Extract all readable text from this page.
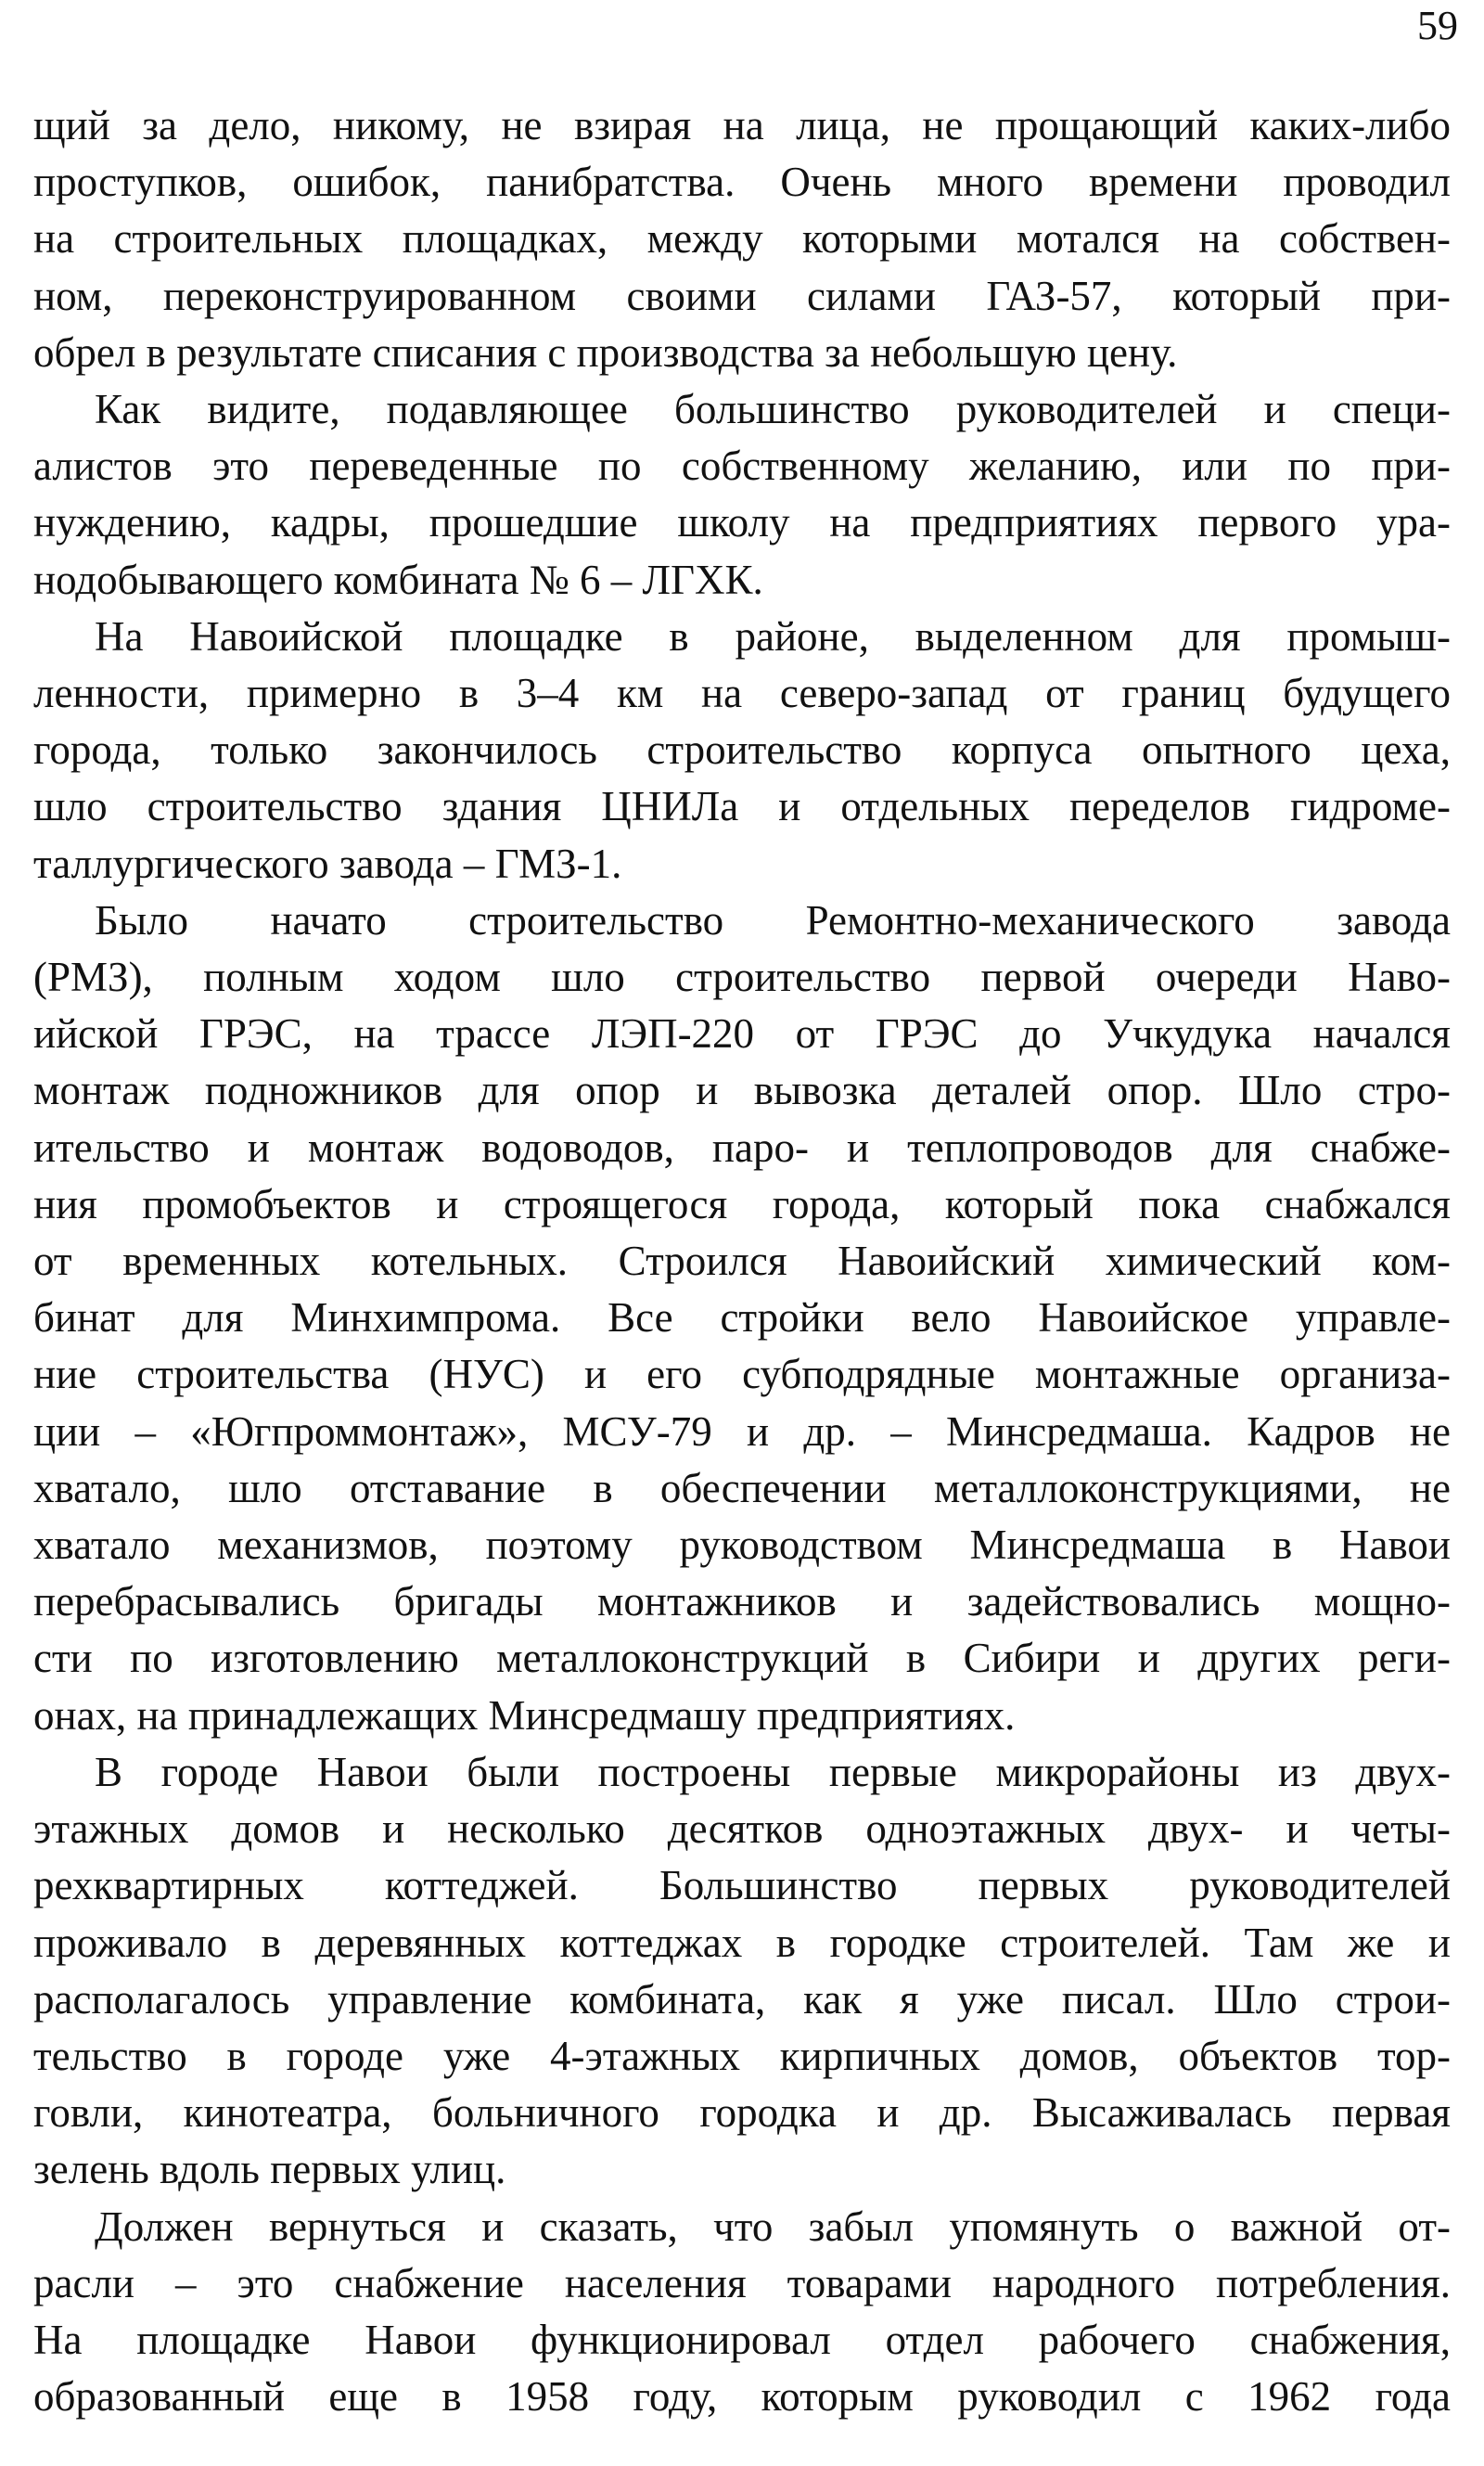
59
щий за дело, никому, не взирая на лица, не прощающий каких-либо
проступков, ошибок, панибратства. Очень много времени проводил
на строительных площадках, между которыми мотался на собствен-
ном, переконструированном своими силами ГАЗ-57, который при-
обрел в результате списания с производства за небольшую цену.
Как видите, подавляющее большинство руководителей и специ-
алистов это переведенные по собственному желанию, или по при-
нуждению, кадры, прошедшие школу на предприятиях первого ура-
нодобывающего комбината № 6 – ЛГХК.
На Навоийской площадке в районе, выделенном для промыш-
ленности, примерно в 3–4 км на северо-запад от границ будущего
города, только закончилось строительство корпуса опытного цеха,
шло строительство здания ЦНИЛа и отдельных переделов гидроме-
таллургического завода – ГМЗ-1.
Было начато строительство Ремонтно-механического завода
(РМЗ), полным ходом шло строительство первой очереди Нaво-
ийской ГРЭС, на трассе ЛЭП-220 от ГРЭС до Учкудука начался
монтаж подножников для опор и вывозка деталей опор. Шло стро-
ительство и монтаж водоводов, паро- и теплопроводов для снабже-
ния промобъектов и строящегося города, который пока снабжался
от временных котельных. Строился Навоийский химический ком-
бинат для Минхимпрома. Все стройки вело Навоийское управле-
ние строительства (НУС) и его субподрядные монтажные организа-
ции – «Югпроммонтаж», МСУ-79 и др. – Минсредмаша. Кадров не
хватало, шло отставание в обеспечении металлоконструкциями, не
хватало механизмов, поэтому руководством Минсредмаша в Навои
перебрасывались бригады монтажников и задействовались мощно-
сти по изготовлению металлоконструкций в Сибири и других реги-
онах, на принадлежащих Минсредмашу предприятиях.
В городе Навои были построены первые микрорайоны из двух-
этажных домов и несколько десятков одноэтажных двух- и четы-
рехквартирных коттеджей. Большинство первых руководителей
проживало в деревянных коттеджах в городке строителей. Там же и
располагалось управление комбината, как я уже писал. Шло строи-
тельство в городе уже 4-этажных кирпичных домов, объектов тор-
говли, кинотеатра, больничного городка и др. Высаживалась первая
зелень вдоль первых улиц.
Должен вернуться и сказать, что забыл упомянуть о важной от-
расли – это снабжение населения товарами народного потребления.
На площадке Навои функционировал отдел рабочего снабжения,
образованный еще в 1958 году, которым руководил с 1962 года
